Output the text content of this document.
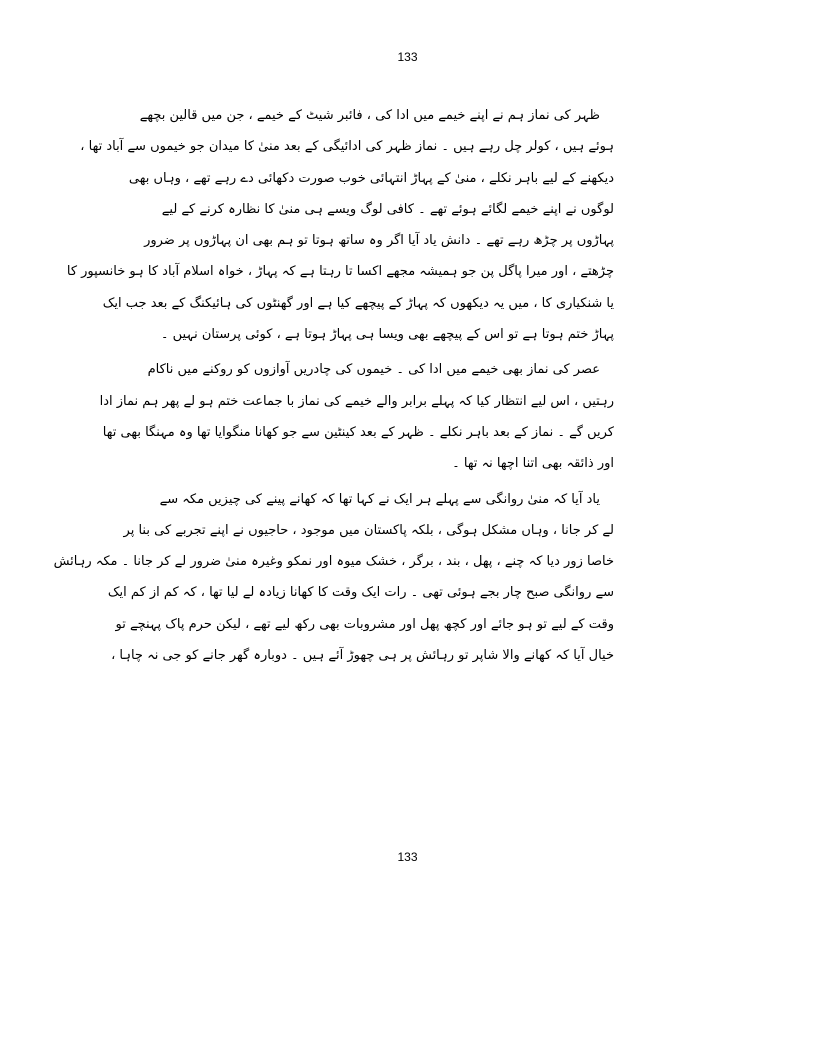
133

ظہر کی نماز ہم نے اپنے خیمے میں ادا کی ، فائبر شیٹ کے خیمے ، جن میں قالین بچھے
ہوئے ہیں ، کولر چل رہے ہیں ۔ نماز ظہر کی ادائیگی کے بعد منیٰ کا میدان جو خیموں سے آباد تھا ،
دیکھنے کے لیے باہر نکلے ، منیٰ کے پہاڑ انتہائی خوب صورت دکھائی دے رہے تھے ، وہاں بھی
لوگوں نے اپنے خیمے لگائے ہوئے تھے ۔ کافی لوگ ویسے ہی منیٰ کا نظارہ کرنے کے لیے
پہاڑوں پر چڑھ رہے تھے ۔ دانش یاد آیا اگر وہ ساتھ ہوتا تو ہم بھی ان پہاڑوں پر ضرور
چڑھتے ، اور میرا پاگل پن جو ہمیشہ مجھے اکسا تا رہتا ہے کہ پہاڑ ، خواہ اسلام آباد کا ہو خانسپور کا
یا شنکیاری کا ، میں یہ دیکھوں کہ پہاڑ کے پیچھے کیا ہے اور گھنٹوں کی ہائیکنگ کے بعد جب ایک
پہاڑ ختم ہوتا ہے تو اس کے پیچھے بھی ویسا ہی پہاڑ ہوتا ہے ، کوئی پرستان نہیں ۔

عصر کی نماز بھی خیمے میں ادا کی ۔ خیموں کی چادریں آوازوں کو روکنے میں ناکام
رہتیں ، اس لیے انتظار کیا کہ پہلے برابر والے خیمے کی نماز با جماعت ختم ہو لے پھر ہم نماز ادا
کریں گے ۔ نماز کے بعد باہر نکلے ۔ ظہر کے بعد کینٹین سے جو کھانا منگوایا تھا وہ مہنگا بھی تھا
اور ذائقہ بھی اتنا اچھا نہ تھا ۔

یاد آیا کہ منیٰ روانگی سے پہلے ہر ایک نے کہا تھا کہ کھانے پینے کی چیزیں مکہ سے
لے کر جانا ، وہاں مشکل ہوگی ، بلکہ پاکستان میں موجود ، حاجیوں نے اپنے تجربے کی بنا پر
خاصا زور دیا کہ چنے ، پھل ، بند ، برگر ، خشک میوہ اور نمکو وغیرہ منیٰ ضرور لے کر جانا ۔ مکہ رہائش
سے روانگی صبح چار بجے ہوئی تھی ۔ رات ایک وقت کا کھانا زیادہ لے لیا تھا ، کہ کم از کم ایک
وقت کے لیے تو ہو جائے اور کچھ پھل اور مشروبات بھی رکھ لیے تھے ، لیکن حرم پاک پہنچے تو
خیال آیا کہ کھانے والا شاپر تو رہائش پر ہی چھوڑ آئے ہیں ۔ دوبارہ گھر جانے کو جی نہ چاہا ،

133
